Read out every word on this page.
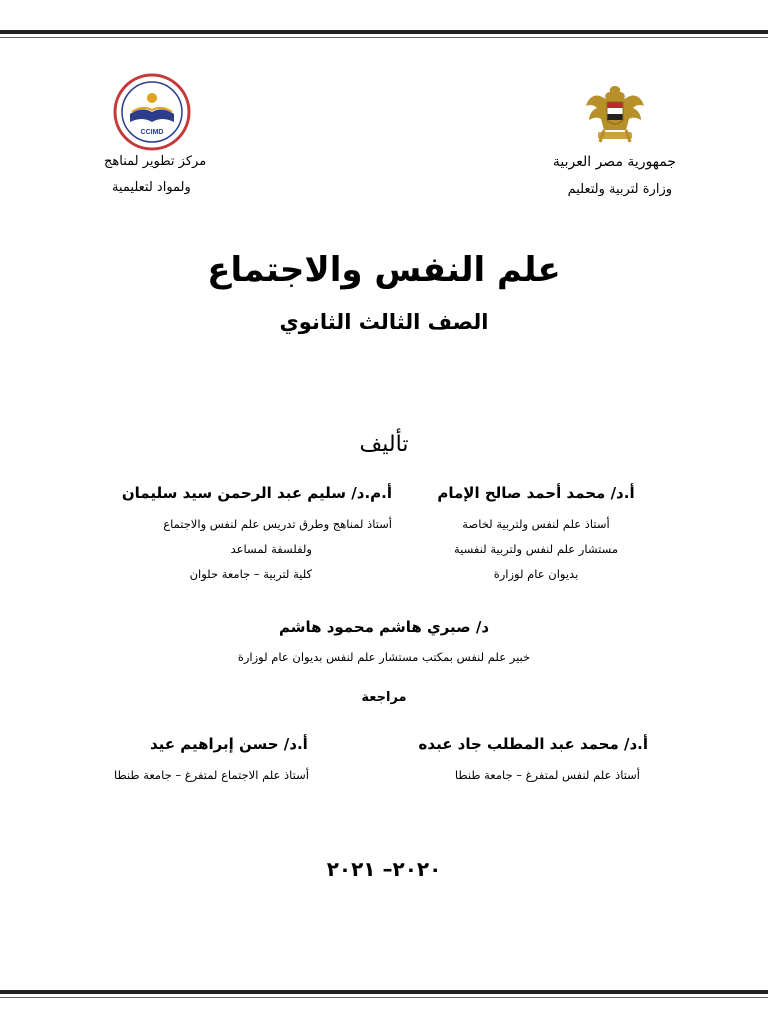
CCIMD
جمهورية مصر العربية
وزارة لتربية ولتعليم
مركز تطوير لمناهج
ولمواد لتعليمية
علم النفس والاجتماع
الصف الثالث الثانوي
تأليف
أ.د/ محمد أحمد صالح الإمام
أستاذ علم لنفس ولتربية لخاصة
مستشار علم لنفس ولتربية لنفسية
بديوان عام لوزارة
أ.م.د/ سليم عبد الرحمن سيد سليمان
أستاذ لمناهج وطرق تدريس علم لنفس والاجتماع
ولفلسفة لمساعد
كلية لتربية – جامعة حلوان
د/ صبري هاشم محمود هاشم
خبير علم لنفس بمكتب مستشار علم لنفس بديوان عام لوزارة
مراجعة
أ.د/ محمد عبد المطلب جاد عبده
أستاذ علم لنفس لمتفرغ – جامعة طنطا
أ.د/ حسن إبراهيم عيد
أستاذ علم الاجتماع لمتفرغ – جامعة طنطا
٢٠٢٠– ٢٠٢١
